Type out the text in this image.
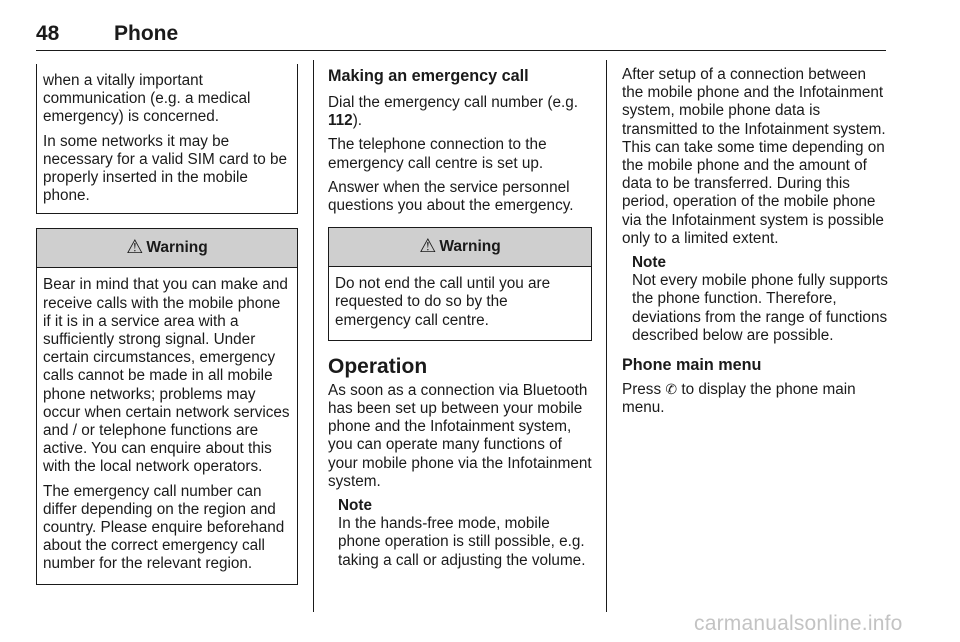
48	Phone

when a vitally important communication (e.g. a medical emergency) is concerned.

In some networks it may be necessary for a valid SIM card to be properly inserted in the mobile phone.

⚠ Warning

Bear in mind that you can make and receive calls with the mobile phone if it is in a service area with a sufficiently strong signal. Under certain circumstances, emergency calls cannot be made in all mobile phone networks; problems may occur when certain network services and / or telephone functions are active. You can enquire about this with the local network operators.

The emergency call number can differ depending on the region and country. Please enquire beforehand about the correct emergency call number for the relevant region.

Making an emergency call

Dial the emergency call number (e.g. 112).

The telephone connection to the emergency call centre is set up.

Answer when the service personnel questions you about the emergency.

⚠ Warning

Do not end the call until you are requested to do so by the emergency call centre.

Operation

As soon as a connection via Bluetooth has been set up between your mobile phone and the Infotainment system, you can operate many functions of your mobile phone via the Infotainment system.

Note
In the hands-free mode, mobile phone operation is still possible, e.g. taking a call or adjusting the volume.

After setup of a connection between the mobile phone and the Infotainment system, mobile phone data is transmitted to the Infotainment system. This can take some time depending on the mobile phone and the amount of data to be transferred. During this period, operation of the mobile phone via the Infotainment system is possible only to a limited extent.

Note
Not every mobile phone fully supports the phone function. Therefore, deviations from the range of functions described below are possible.
Phone main menu

Press ✆ to display the phone main menu.

carmanualsonline.info
